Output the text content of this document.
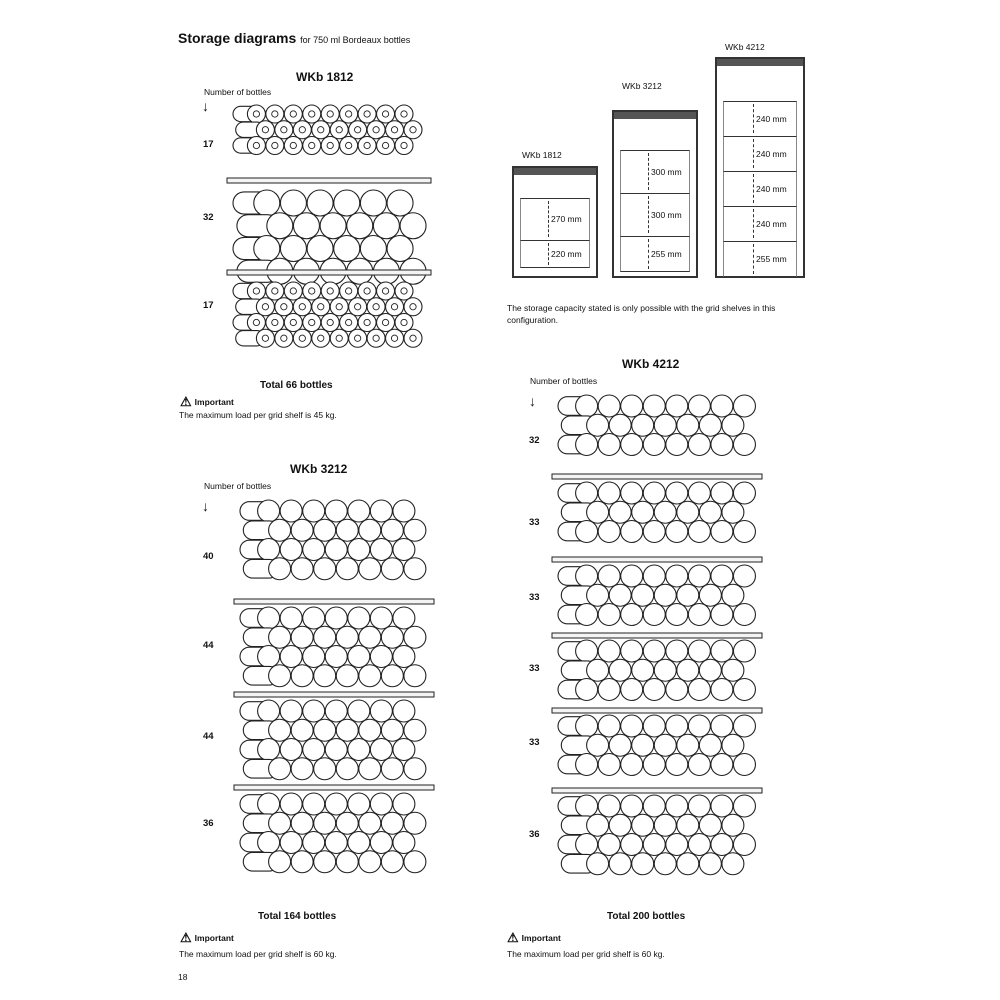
Storage diagrams for 750 ml Bordeaux bottles
WKb 1812
Number of bottles
↓
17
32
17
Total 66 bottles
⚠ Important
The maximum load per grid shelf is 45 kg.
WKb 1812
270 mm
220 mm
WKb 3212
300 mm
300 mm
255 mm
WKb 4212
240 mm
240 mm
240 mm
240 mm
255 mm
The storage capacity stated is only possible with the grid shelves in this configuration.
WKb 3212
Number of bottles
↓
40
44
44
36
Total 164 bottles
⚠ Important
The maximum load per grid shelf is 60 kg.
18
WKb 4212
Number of bottles
↓
32
33
33
33
33
36
Total 200 bottles
⚠ Important
The maximum load per grid shelf is 60 kg.
